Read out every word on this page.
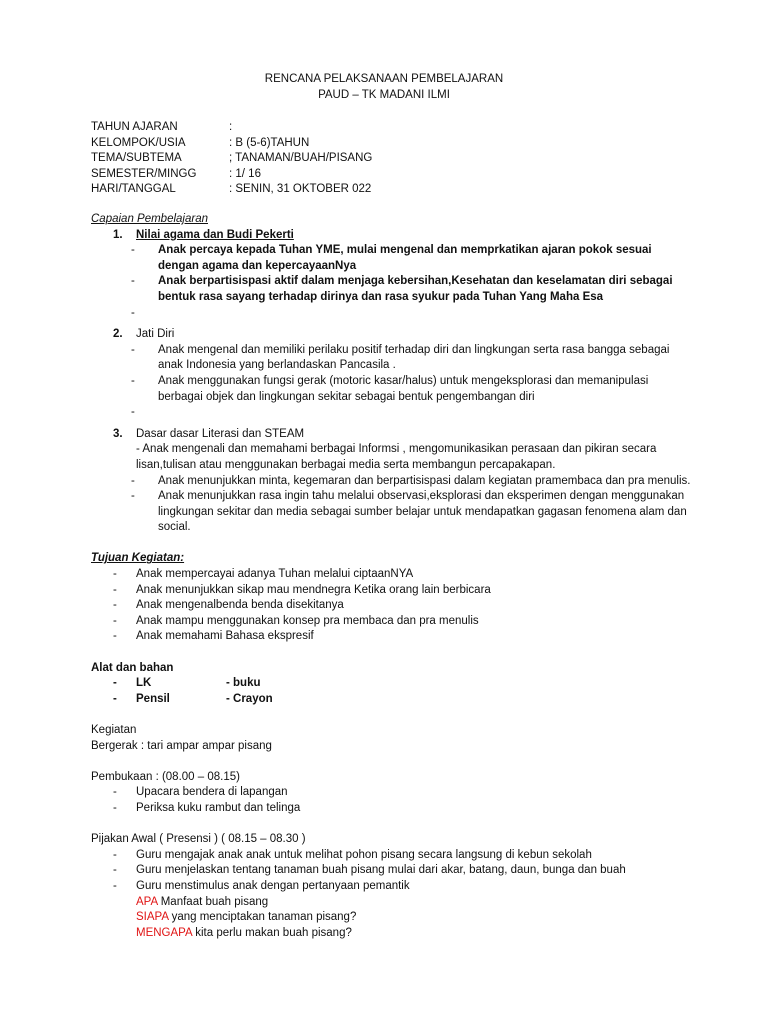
RENCANA PELAKSANAAN PEMBELAJARAN
PAUD – TK MADANI ILMI
TAHUN AJARAN	:
KELOMPOK/USIA	: B (5-6)TAHUN
TEMA/SUBTEMA	; TANAMAN/BUAH/PISANG
SEMESTER/MINGG	: 1/ 16
HARI/TANGGAL	: SENIN, 31 OKTOBER 022
Capaian Pembelajaran
1.	Nilai agama dan Budi Pekerti
-	Anak percaya kepada Tuhan YME, mulai mengenal dan memprkatikan ajaran pokok sesuai dengan agama dan kepercayaanNya
-	Anak berpartisispasi aktif dalam menjaga kebersihan,Kesehatan dan keselamatan diri sebagai bentuk rasa sayang terhadap dirinya dan rasa syukur pada Tuhan Yang Maha Esa
-
2.	Jati Diri
-	Anak mengenal dan memiliki perilaku positif terhadap diri dan lingkungan serta rasa bangga sebagai anak Indonesia yang berlandaskan Pancasila .
-	Anak menggunakan fungsi gerak (motoric kasar/halus) untuk mengeksplorasi dan memanipulasi berbagai objek dan lingkungan sekitar sebagai bentuk pengembangan diri
-
3.	Dasar dasar Literasi dan STEAM
- Anak mengenali dan memahami berbagai Informsi , mengomunikasikan perasaan dan pikiran secara lisan,tulisan atau menggunakan berbagai media serta membangun percapakapan.
-	Anak menunjukkan minta, kegemaran dan berpartisispasi dalam kegiatan pramembaca dan pra menulis.
-	Anak menunjukkan rasa ingin tahu melalui observasi,eksplorasi dan eksperimen dengan menggunakan lingkungan sekitar dan media sebagai sumber belajar untuk mendapatkan gagasan fenomena alam dan social.
Tujuan Kegiatan:
-	Anak mempercayai adanya Tuhan melalui ciptaanNYA
-	Anak menunjukkan sikap mau mendnegra Ketika orang lain berbicara
-	Anak mengenalbenda benda disekitanya
-	Anak mampu menggunakan konsep pra membaca dan pra menulis
-	Anak memahami Bahasa ekspresif
Alat dan bahan
-	LK	- buku
-	Pensil	- Crayon
Kegiatan
Bergerak : tari ampar ampar pisang
Pembukaan : (08.00 – 08.15)
-	Upacara bendera di lapangan
-	Periksa kuku rambut dan telinga
Pijakan Awal ( Presensi ) ( 08.15 – 08.30 )
-	Guru mengajak anak anak untuk melihat pohon pisang secara langsung di kebun sekolah
-	Guru menjelaskan tentang tanaman buah pisang mulai dari akar, batang, daun, bunga dan buah
-	Guru menstimulus anak dengan pertanyaan pemantik
APA Manfaat buah pisang
SIAPA yang menciptakan tanaman pisang?
MENGAPA kita perlu makan buah pisang?
